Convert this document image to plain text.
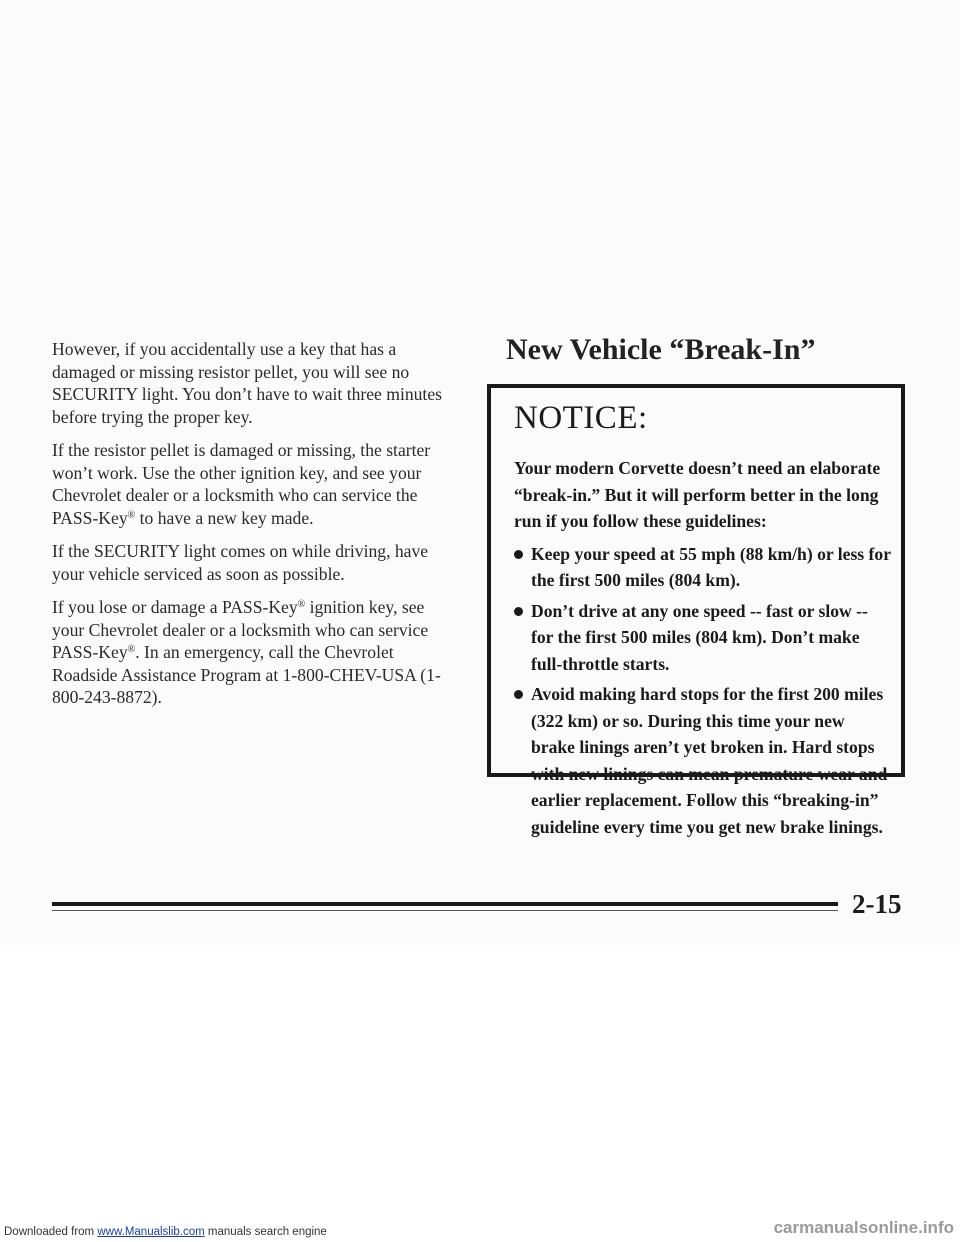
However, if you accidentally use a key that has a damaged or missing resistor pellet, you will see no SECURITY light. You don’t have to wait three minutes before trying the proper key.

If the resistor pellet is damaged or missing, the starter won’t work. Use the other ignition key, and see your Chevrolet dealer or a locksmith who can service the PASS-Key® to have a new key made.

If the SECURITY light comes on while driving, have your vehicle serviced as soon as possible.

If you lose or damage a PASS-Key® ignition key, see your Chevrolet dealer or a locksmith who can service PASS-Key®. In an emergency, call the Chevrolet Roadside Assistance Program at 1-800-CHEV-USA (1-800-243-8872).

New Vehicle “Break-In”
NOTICE:

Your modern Corvette doesn’t need an elaborate “break-in.” But it will perform better in the long run if you follow these guidelines:

Keep your speed at 55 mph (88 km/h) or less for the first 500 miles (804 km).
Don’t drive at any one speed -- fast or slow -- for the first 500 miles (804 km). Don’t make full-throttle starts.
Avoid making hard stops for the first 200 miles (322 km) or so. During this time your new brake linings aren’t yet broken in. Hard stops with new linings can mean premature wear and earlier replacement. Follow this “breaking-in” guideline every time you get new brake linings.

2-15

Downloaded from www.Manualslib.com manuals search engine	carmanualsonline.info
